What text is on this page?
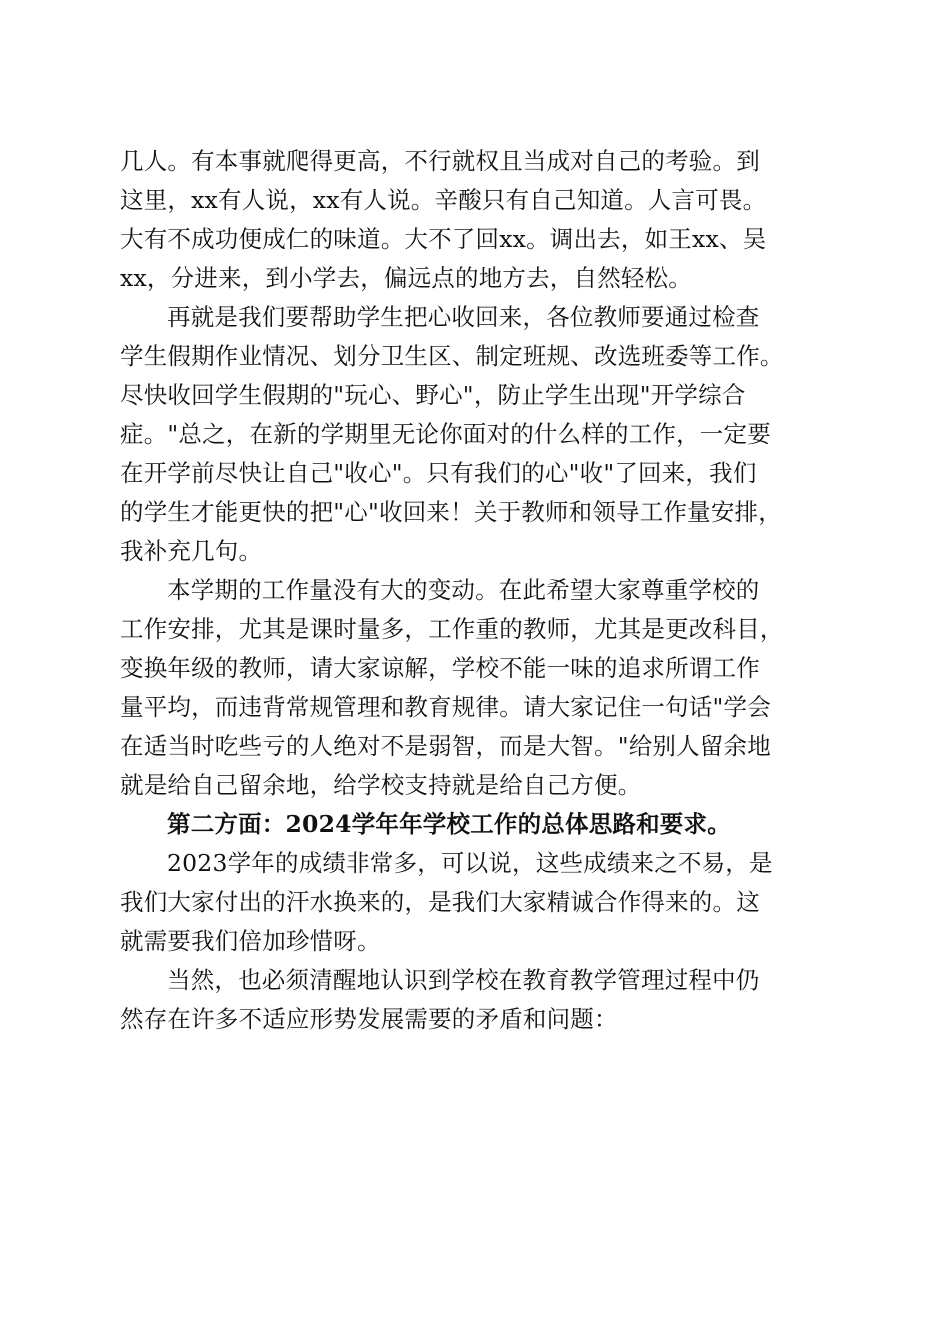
几人。有本事就爬得更高，不行就权且当成对自己的考验。到
这里，xx有人说，xx有人说。辛酸只有自己知道。人言可畏。
大有不成功便成仁的味道。大不了回xx。调出去，如王xx、吴
xx，分进来，到小学去，偏远点的地方去，自然轻松。
再就是我们要帮助学生把心收回来，各位教师要通过检查
学生假期作业情况、划分卫生区、制定班规、改选班委等工作。
尽快收回学生假期的"玩心、野心"，防止学生出现"开学综合
症。"总之，在新的学期里无论你面对的什么样的工作，一定要
在开学前尽快让自己"收心"。只有我们的心"收"了回来，我们
的学生才能更快的把"心"收回来！关于教师和领导工作量安排，
我补充几句。
本学期的工作量没有大的变动。在此希望大家尊重学校的
工作安排，尤其是课时量多，工作重的教师，尤其是更改科目，
变换年级的教师，请大家谅解，学校不能一味的追求所谓工作
量平均，而违背常规管理和教育规律。请大家记住一句话"学会
在适当时吃些亏的人绝对不是弱智，而是大智。"给别人留余地
就是给自己留余地，给学校支持就是给自己方便。
第二方面：2024学年年学校工作的总体思路和要求。
2023学年的成绩非常多，可以说，这些成绩来之不易，是
我们大家付出的汗水换来的，是我们大家精诚合作得来的。这
就需要我们倍加珍惜呀。
当然，也必须清醒地认识到学校在教育教学管理过程中仍
然存在许多不适应形势发展需要的矛盾和问题：
